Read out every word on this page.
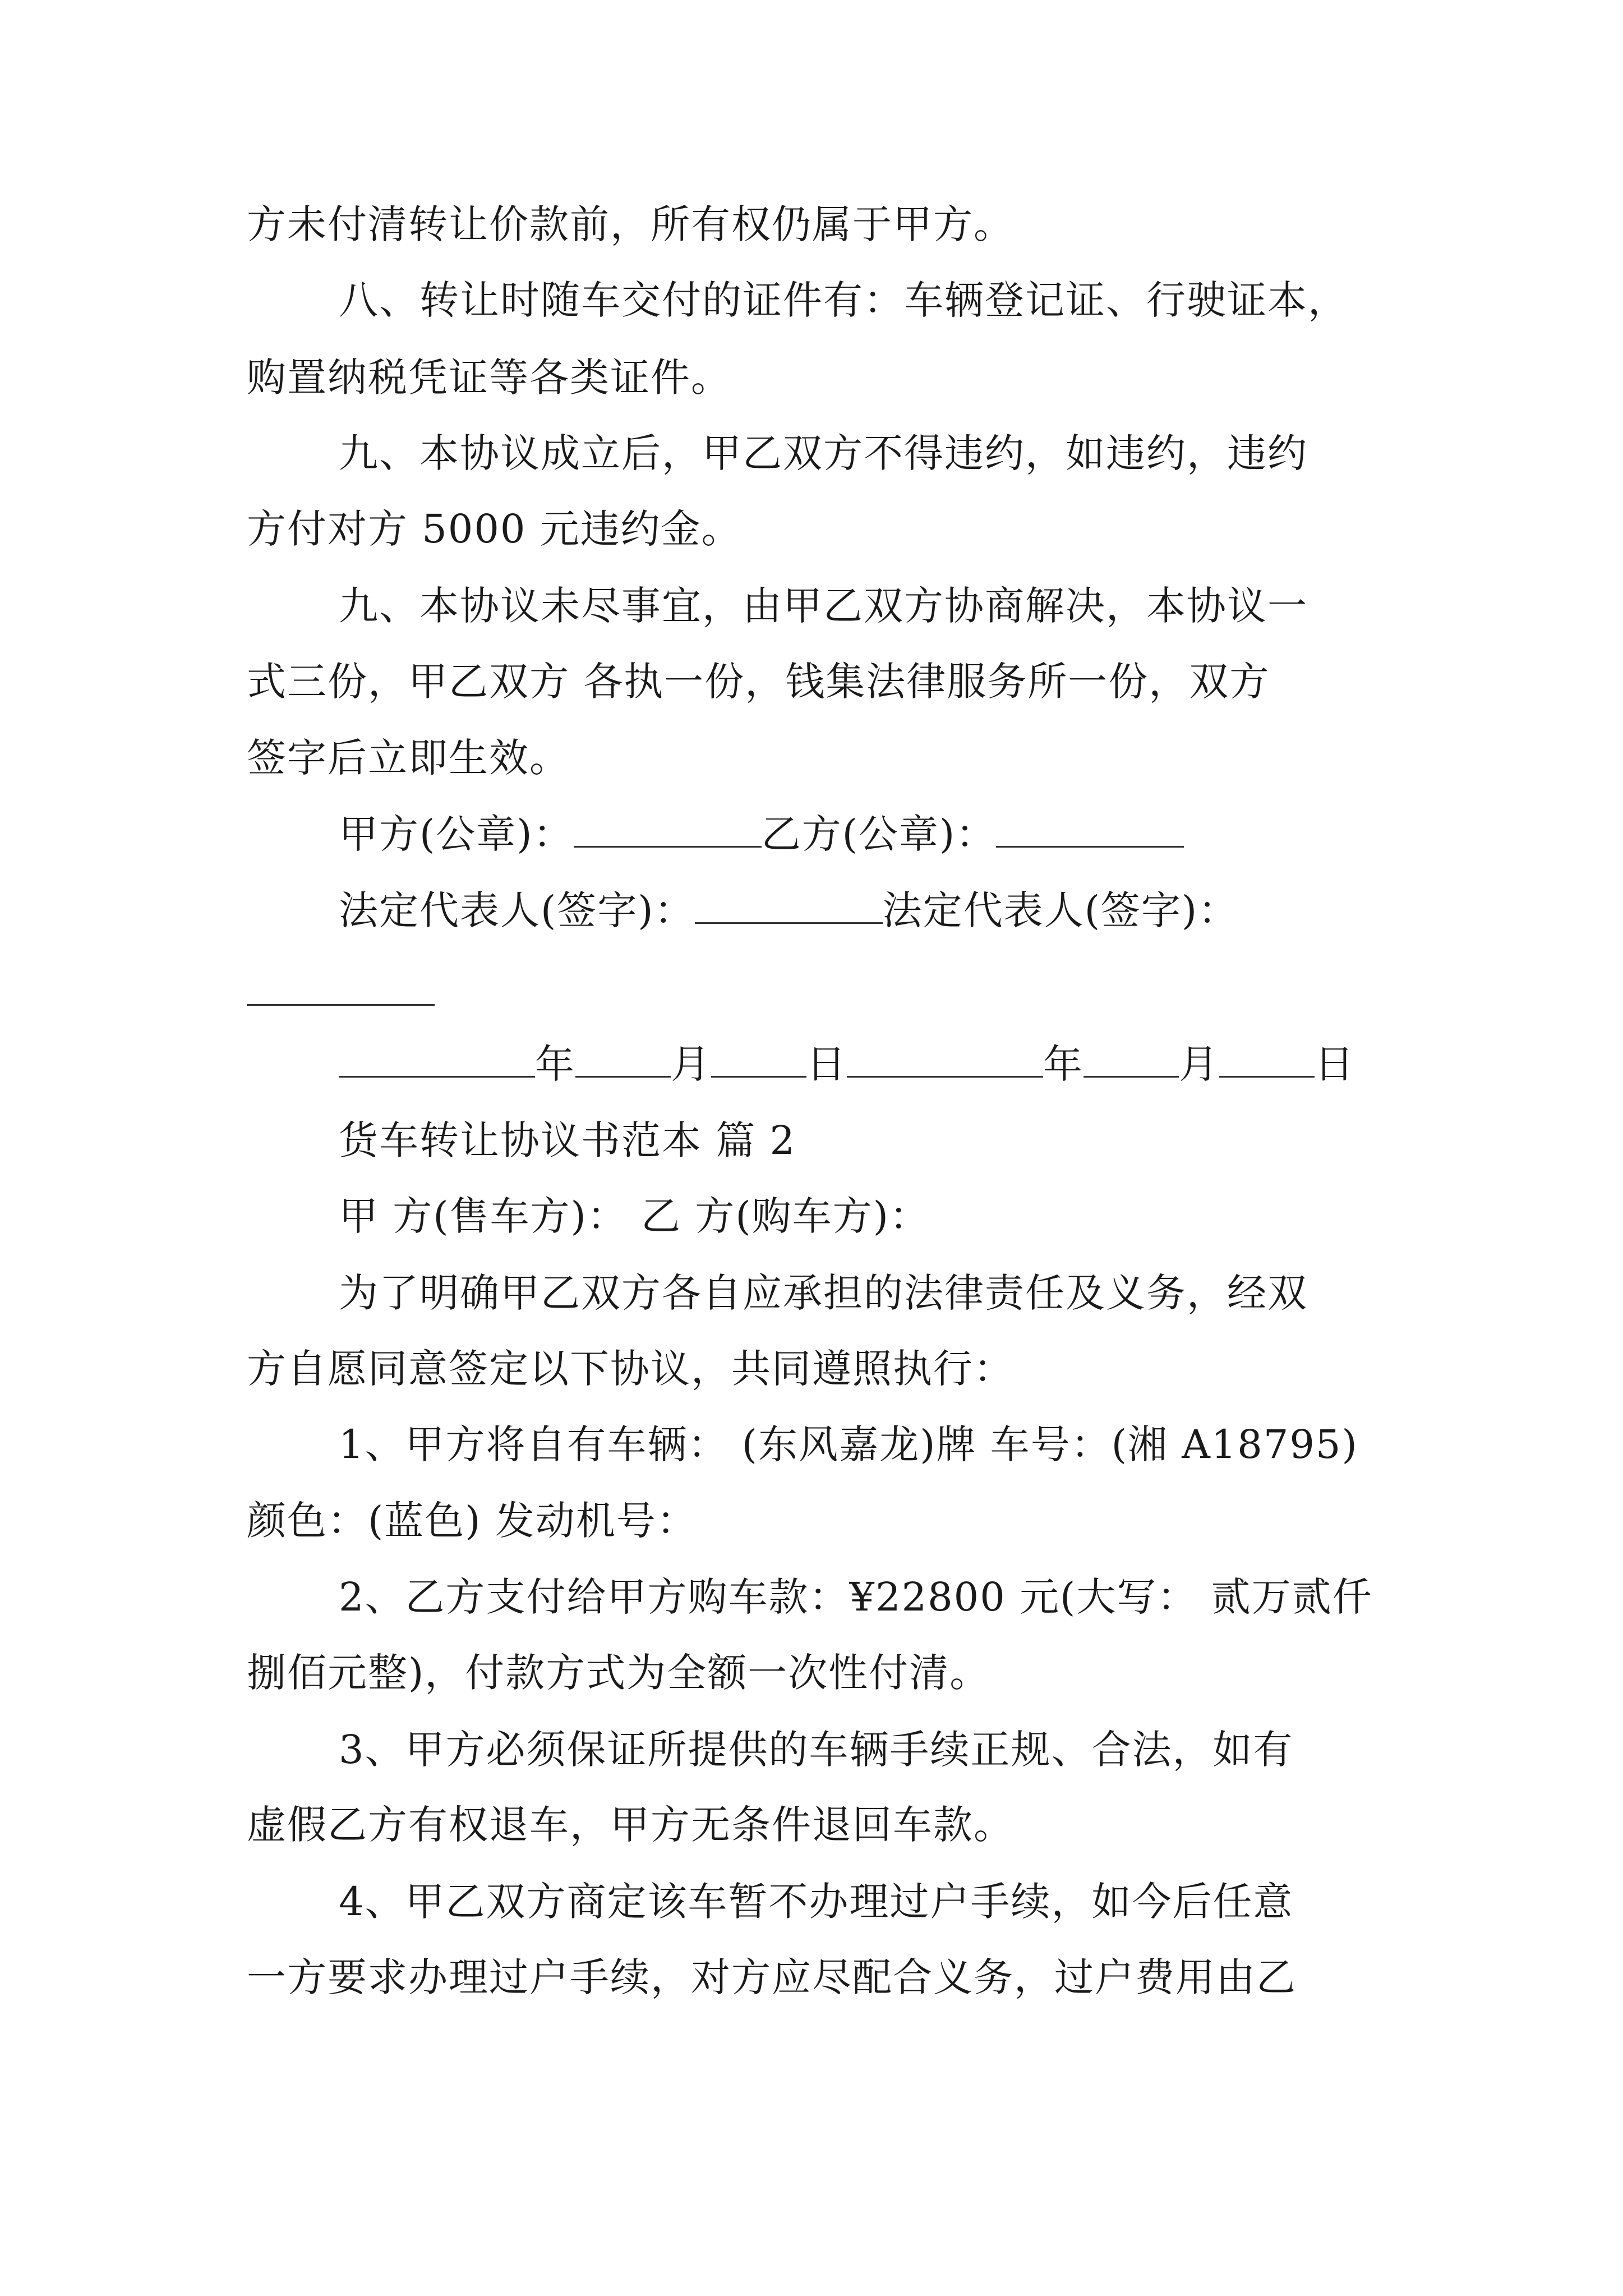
方未付清转让价款前，所有权仍属于甲方。
八、转让时随车交付的证件有：车辆登记证、行驶证本，
购置纳税凭证等各类证件。
九、本协议成立后，甲乙双方不得违约，如违约，违约
方付对方 5000 元违约金。
九、本协议未尽事宜，由甲乙双方协商解决，本协议一
式三份，甲乙双方 各执一份，钱集法律服务所一份，双方
签字后立即生效。
甲方(公章)：	乙方(公章)：
法定代表人(签字)：	法定代表人(签字)：
年 月 日	年 月 日
货车转让协议书范本 篇 2
甲 方(售车方)： 乙 方(购车方)：
为了明确甲乙双方各自应承担的法律责任及义务，经双
方自愿同意签定以下协议，共同遵照执行：
1、甲方将自有车辆： (东风嘉龙)牌 车号：(湘 A18795)
颜色：(蓝色) 发动机号：
2、乙方支付给甲方购车款：¥22800 元(大写： 贰万贰仟
捌佰元整)，付款方式为全额一次性付清。
3、甲方必须保证所提供的车辆手续正规、合法，如有
虚假乙方有权退车，甲方无条件退回车款。
4、甲乙双方商定该车暂不办理过户手续，如今后任意
一方要求办理过户手续，对方应尽配合义务，过户费用由乙
